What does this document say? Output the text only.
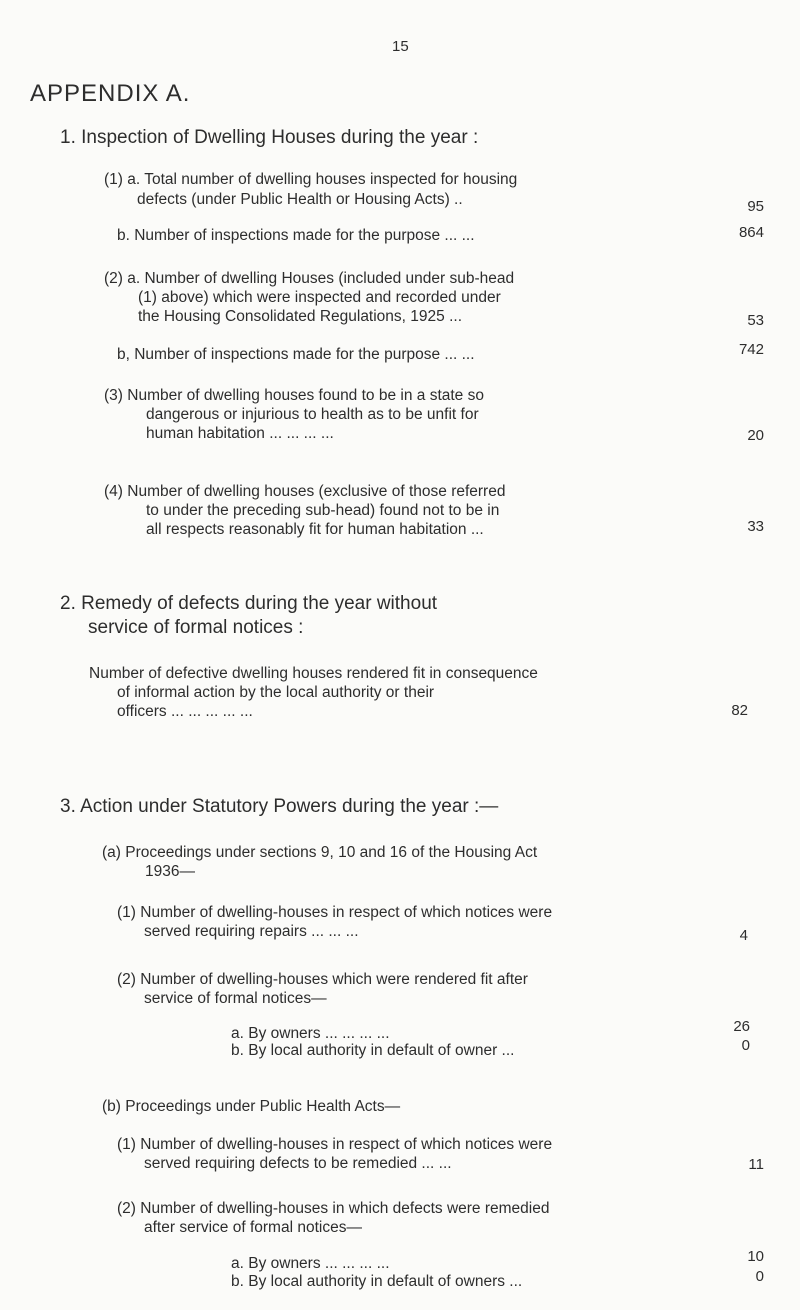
15
APPENDIX A.
1. Inspection of Dwelling Houses during the year :
(1) a. Total number of dwelling houses inspected for housing
defects (under Public Health or Housing Acts) ..	95
b. Number of inspections made for the purpose ... ...	864
(2) a. Number of dwelling Houses (included under sub-head
(1) above) which were inspected and recorded under
the Housing Consolidated Regulations, 1925 ...	53
b, Number of inspections made for the purpose ... ...	742
(3) Number of dwelling houses found to be in a state so
dangerous or injurious to health as to be unfit for
human habitation ... ... ... ...	20
(4) Number of dwelling houses (exclusive of those referred
to under the preceding sub-head) found not to be in
all respects reasonably fit for human habitation ...	33
2. Remedy of defects during the year without
service of formal notices :
Number of defective dwelling houses rendered fit in consequence
of informal action by the local authority or their
officers ... ... ... ... ...	82
3. Action under Statutory Powers during the year :—
(a) Proceedings under sections 9, 10 and 16 of the Housing Act
1936—
(1) Number of dwelling-houses in respect of which notices were
served requiring repairs ... ... ...	4
(2) Number of dwelling-houses which were rendered fit after
service of formal notices—
a. By owners ... ... ... ...	26
b. By local authority in default of owner ...	0
(b) Proceedings under Public Health Acts—
(1) Number of dwelling-houses in respect of which notices were
served requiring defects to be remedied ... ...	11
(2) Number of dwelling-houses in which defects were remedied
after service of formal notices—
a. By owners ... ... ... ...	10
b. By local authority in default of owners ...	0
